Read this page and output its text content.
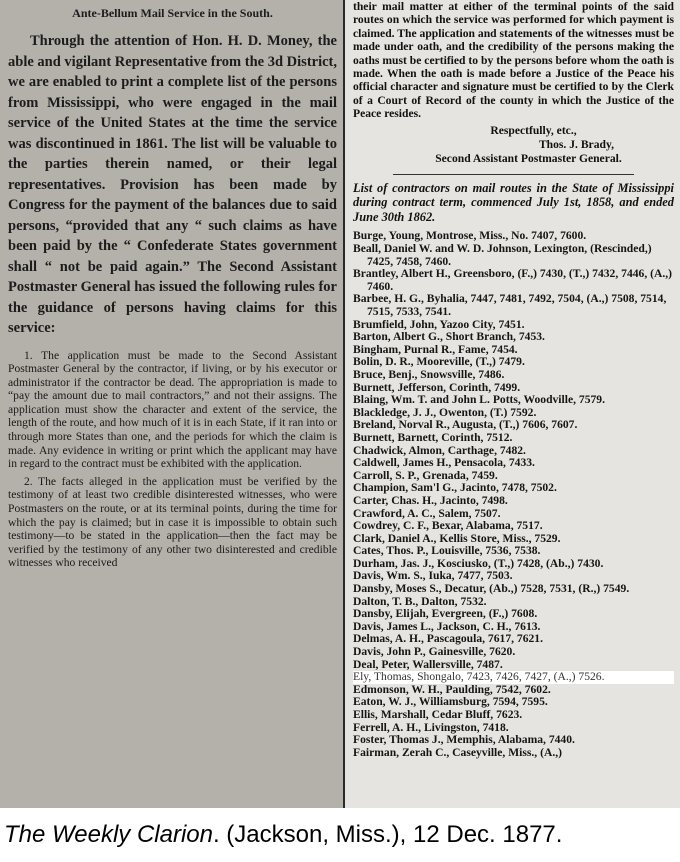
Ante-Bellum Mail Service in the South.

Through the attention of Hon. H. D. Money, the able and vigilant Representative from the 3d District, we are enabled to print a complete list of the persons from Mississippi, who were engaged in the mail service of the United States at the time the service was discontinued in 1861. The list will be valuable to the parties therein named, or their legal representatives. Provision has been made by Congress for the payment of the balances due to said persons, “provided that any “ such claims as have been paid by the “ Confederate States government shall “ not be paid again.” The Second Assistant Postmaster General has issued the following rules for the guidance of persons having claims for this service:

1. The application must be made to the Second Assistant Postmaster General by the contractor, if living, or by his executor or administrator if the contractor be dead. The appropriation is made to “pay the amount due to mail contractors,” and not their assigns. The application must show the character and extent of the service, the length of the route, and how much of it is in each State, if it ran into or through more States than one, and the periods for which the claim is made. Any evidence in writing or print which the applicant may have in regard to the contract must be exhibited with the application.

2. The facts alleged in the application must be verified by the testimony of at least two credible disinterested witnesses, who were Postmasters on the route, or at its terminal points, during the time for which the pay is claimed; but in case it is impossible to obtain such testimony—to be stated in the application—then the fact may be verified by the testimony of any other two disinterested and credible witnesses who received

their mail matter at either of the terminal points of the said routes on which the service was performed for which payment is claimed. The application and statements of the witnesses must be made under oath, and the credibility of the persons making the oaths must be certified to by the persons before whom the oath is made. When the oath is made before a Justice of the Peace his official character and signature must be certified to by the Clerk of a Court of Record of the county in which the Justice of the Peace resides.

Respectfully, etc.,
Thos. J. Brady,
Second Assistant Postmaster General.
List of contractors on mail routes in the State of Mississippi during contract term, commenced July 1st, 1858, and ended June 30th 1862.
Burge, Young, Montrose, Miss., No. 7407, 7600.
Beall, Daniel W. and W. D. Johnson, Lexington, (Rescinded,) 7425, 7458, 7460.
Brantley, Albert H., Greensboro, (F.,) 7430, (T.,) 7432, 7446, (A.,) 7460.
Barbee, H. G., Byhalia, 7447, 7481, 7492, 7504, (A.,) 7508, 7514, 7515, 7533, 7541.
Brumfield, John, Yazoo City, 7451.
Barton, Albert G., Short Branch, 7453.
Bingham, Purnal R., Fame, 7454.
Bolin, D. R., Mooreville, (T.,) 7479.
Bruce, Benj., Snowsville, 7486.
Burnett, Jefferson, Corinth, 7499.
Blaing, Wm. T. and John L. Potts, Woodville, 7579.
Blackledge, J. J., Owenton, (T.) 7592.
Breland, Norval R., Augusta, (T.,) 7606, 7607.
Burnett, Barnett, Corinth, 7512.
Chadwick, Almon, Carthage, 7482.
Caldwell, James H., Pensacola, 7433.
Carroll, S. P., Grenada, 7459.
Champion, Sam'l G., Jacinto, 7478, 7502.
Carter, Chas. H., Jacinto, 7498.
Crawford, A. C., Salem, 7507.
Cowdrey, C. F., Bexar, Alabama, 7517.
Clark, Daniel A., Kellis Store, Miss., 7529.
Cates, Thos. P., Louisville, 7536, 7538.
Durham, Jas. J., Kosciusko, (T.,) 7428, (Ab.,) 7430.
Davis, Wm. S., Iuka, 7477, 7503.
Dansby, Moses S., Decatur, (Ab.,) 7528, 7531, (R.,) 7549.
Dalton, T. B., Dalton, 7532.
Dansby, Elijah, Evergreen, (F.,) 7608.
Davis, James L., Jackson, C. H., 7613.
Delmas, A. H., Pascagoula, 7617, 7621.
Davis, John P., Gainesville, 7620.
Deal, Peter, Wallersville, 7487.
Ely, Thomas, Shongalo, 7423, 7426, 7427, (A.,) 7526.
Edmonson, W. H., Paulding, 7542, 7602.
Eaton, W. J., Williamsburg, 7594, 7595.
Ellis, Marshall, Cedar Bluff, 7623.
Ferrell, A. H., Livingston, 7418.
Foster, Thomas J., Memphis, Alabama, 7440.
Fairman, Zerah C., Caseyville, Miss., (A.,)
The Weekly Clarion. (Jackson, Miss.), 12 Dec. 1877.
